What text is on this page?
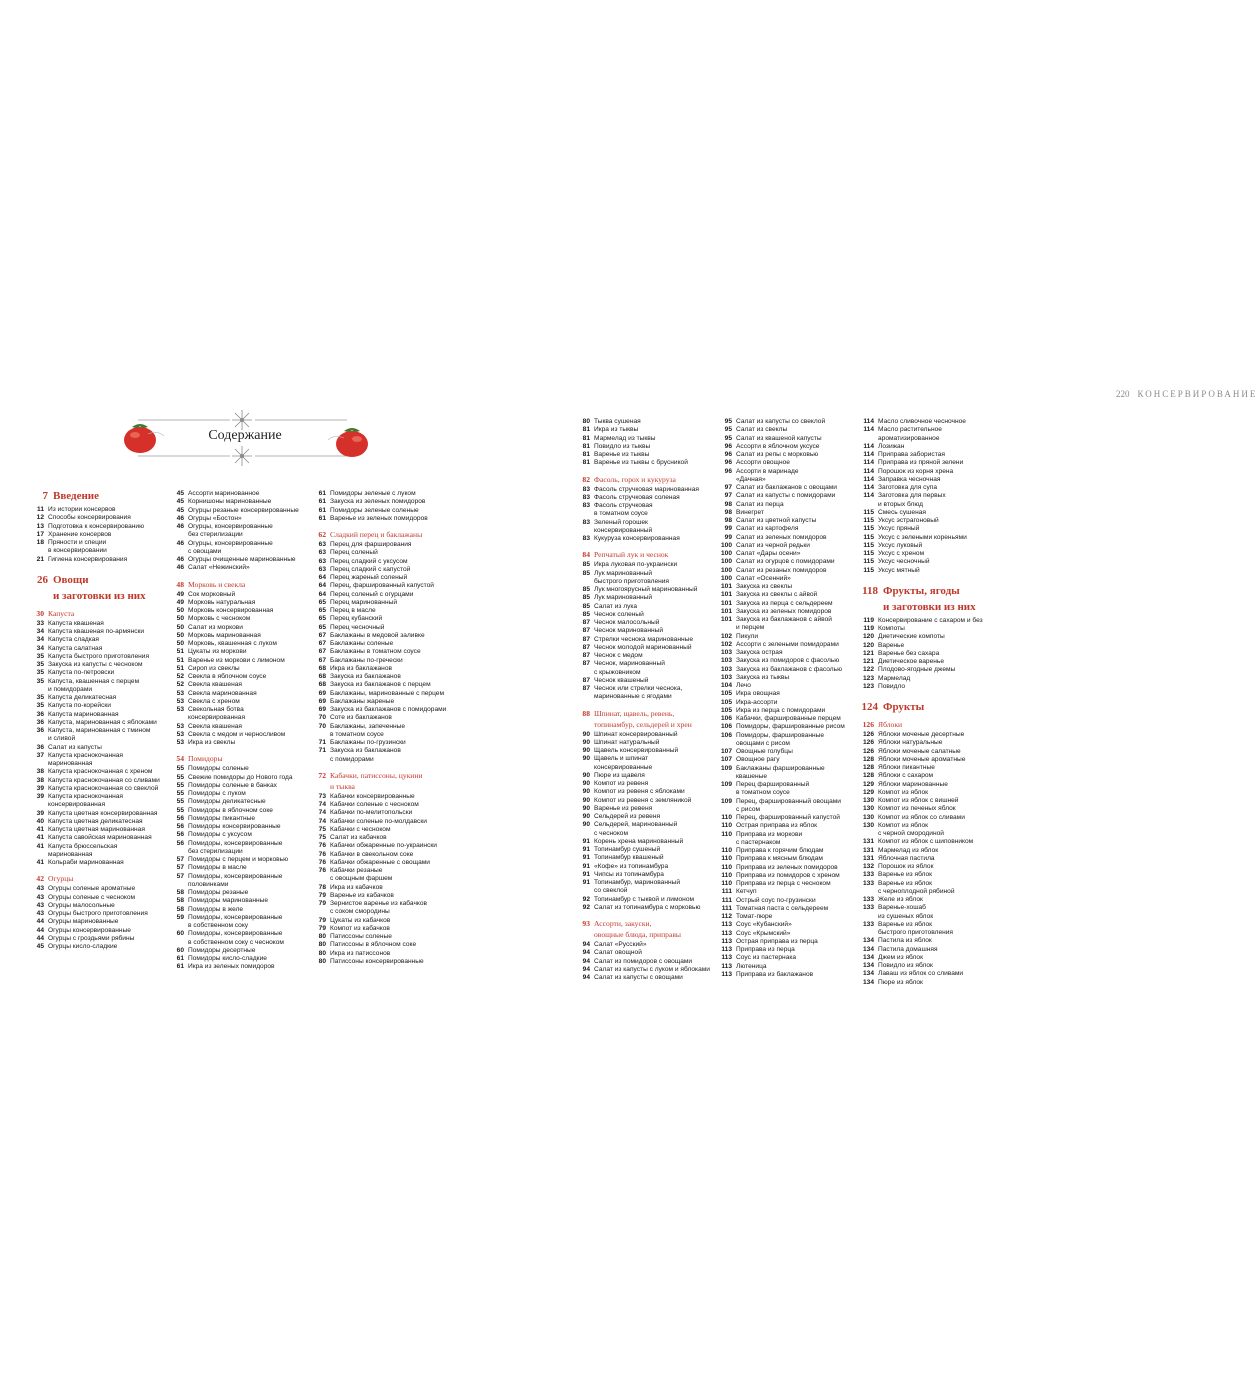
Содержание
7 Введение
11 Из истории консервов
12 Способы консервирования
13 Подготовка к консервированию
17 Хранение консервов
18 Пряности и специи
в консервировании
21 Гигиена консервирования
26 Овощи
и заготовки из них
30 Капуста
33 Капуста квашеная
34 Капуста квашеная по-армянски
34 Капуста сладкая
34 Капуста салатная
35 Капуста быстрого приготовления
35 Закуска из капусты с чесноком
35 Капуста по-петровски
35 Капуста, квашенная с перцем
и помидорами
35 Капуста деликатесная
35 Капуста по-корейски
36 Капуста маринованная
36 Капуста, маринованная с яблоками
36 Капуста, маринованная с тмином
и сливой
36 Салат из капусты
37 Капуста краснокочанная
маринованная
38 Капуста краснокочанная с хреном
38 Капуста краснокочанная со сливами
39 Капуста краснокочанная со свеклой
39 Капуста краснокочанная
консервированная
39 Капуста цветная консервированная
40 Капуста цветная деликатесная
41 Капуста цветная маринованная
41 Капуста савойская маринованная
41 Капуста брюссельская
маринованная
41 Кольраби маринованная
42 Огурцы
43 Огурцы соленые ароматные
43 Огурцы соленые с чесноком
43 Огурцы малосольные
43 Огурцы быстрого приготовления
44 Огурцы маринованные
44 Огурцы консервированные
44 Огурцы с гроздьями рябины
45 Огурцы кисло-сладкие
45 Ассорти маринованное
45 Корнишоны маринованные
45 Огурцы резаные консервированные
46 Огурцы «Бостон»
46 Огурцы, консервированные
без стерилизации
46 Огурцы, консервированные
с овощами
46 Огурцы очищенные маринованные
46 Салат «Нежинский»
48 Морковь и свекла
49 Сок морковный
49 Морковь натуральная
50 Морковь консервированная
50 Морковь с чесноком
50 Салат из моркови
50 Морковь маринованная
50 Морковь, квашенная с луком
51 Цукаты из моркови
51 Варенье из моркови с лимоном
51 Сироп из свеклы
52 Свекла в яблочном соусе
52 Свекла квашеная
53 Свекла маринованная
53 Свекла с хреном
53 Свекольная ботва
консервированная
53 Свекла квашеная
53 Свекла с медом и черносливом
53 Икра из свеклы
54 Помидоры
55 Помидоры соленые
55 Свежие помидоры до Нового года
55 Помидоры соленые в банках
55 Помидоры с луком
55 Помидоры деликатесные
55 Помидоры в яблочном соке
56 Помидоры пикантные
56 Помидоры консервированные
56 Помидоры с уксусом
56 Помидоры, консервированные
без стерилизации
57 Помидоры с перцем и морковью
57 Помидоры в масле
57 Помидоры, консервированные
половинками
58 Помидоры резаные
58 Помидоры маринованные
58 Помидоры в желе
59 Помидоры, консервированные
в собственном соку
60 Помидоры, консервированные
в собственном соку с чесноком
60 Помидоры десертные
61 Помидоры кисло-сладкие
61 Икра из зеленых помидоров
61 Помидоры зеленые с луком
61 Закуска из зеленых помидоров
61 Помидоры зеленые соленые
61 Варенье из зеленых помидоров
62 Сладкий перец и баклажаны
63 Перец для фарширования
63 Перец соленый
63 Перец сладкий с уксусом
63 Перец сладкий с капустой
64 Перец жареный соленый
64 Перец, фаршированный капустой
64 Перец соленый с огурцами
65 Перец маринованный
65 Перец в масле
65 Перец кубанский
65 Перец чесночный
67 Баклажаны в медовой заливке
67 Баклажаны соленые
67 Баклажаны в томатном соусе
67 Баклажаны по-гречески
68 Икра из баклажанов
68 Закуска из баклажанов
68 Закуска из баклажанов с перцем
69 Баклажаны, маринованные с перцем
69 Баклажаны жареные
69 Закуска из баклажанов с помидорами
70 Соте из баклажанов
70 Баклажаны, запеченные
в томатном соусе
71 Баклажаны по-грузински
71 Закуска из баклажанов
с помидорами
72 Кабачки, патиссоны, цукини
и тыква
73 Кабачки консервированные
74 Кабачки соленые с чесноком
74 Кабачки по-мелитопольски
74 Кабачки соленые по-молдавски
75 Кабачки с чесноком
75 Салат из кабачков
76 Кабачки обжаренные по-украински
76 Кабачки в свекольном соке
76 Кабачки обжаренные с овощами
76 Кабачки резаные
с овощным фаршем
78 Икра из кабачков
79 Варенье из кабачков
79 Зернистое варенье из кабачков
с соком смородины
79 Цукаты из кабачков
79 Компот из кабачков
80 Патиссоны соленые
80 Патиссоны в яблочном соке
80 Икра из патиссонов
80 Патиссоны консервированные
220 КОНСЕРВИРОВАНИЕ
80 Тыква сушеная
81 Икра из тыквы
81 Мармелад из тыквы
81 Повидло из тыквы
81 Варенье из тыквы
81 Варенье из тыквы с брусникой
82 Фасоль, горох и кукуруза
83 Фасоль стручковая маринованная
83 Фасоль стручковая соленая
83 Фасоль стручковая
в томатном соусе
83 Зеленый горошек
консервированный
83 Кукуруза консервированная
84 Репчатый лук и чеснок
85 Икра луковая по-украински
85 Лук маринованный
быстрого приготовления
85 Лук многоярусный маринованный
85 Лук маринованный
85 Салат из лука
85 Чеснок соленый
87 Чеснок малосольный
87 Чеснок маринованный
87 Стрелки чеснока маринованные
87 Чеснок молодой маринованный
87 Чеснок с медом
87 Чеснок, маринованный
с крыжовником
87 Чеснок квашеный
87 Чеснок или стрелки чеснока,
маринованные с ягодами
88 Шпинат, щавель, ревень,
топинамбур, сельдерей и хрен
90 Шпинат консервированный
90 Шпинат натуральный
90 Щавель консервированный
90 Щавель и шпинат
консервированные
90 Пюре из щавеля
90 Компот из ревеня
90 Компот из ревеня с яблоками
90 Компот из ревеня с земляникой
90 Варенье из ревеня
90 Сельдерей из ревеня
90 Сельдерей, маринованный
с чесноком
91 Корень хрена маринованный
91 Топинамбур сушеный
91 Топинамбур квашеный
91 «Кофе» из топинамбура
91 Чипсы из топинамбура
91 Топинамбур, маринованный
со свеклой
92 Топинамбур с тыквой и лимоном
92 Салат из топинамбура с морковью
93 Ассорти, закуски,
овощные блюда, приправы
94 Салат «Русский»
94 Салат овощной
94 Салат из помидоров с овощами
94 Салат из капусты с луком и яблоками
94 Салат из капусты с овощами
95 Салат из капусты со свеклой
95 Салат из свеклы
95 Салат из квашеной капусты
96 Ассорти в яблочном уксусе
96 Салат из репы с морковью
96 Ассорти овощное
96 Ассорти в маринаде
«Дачная»
97 Салат из баклажанов с овощами
97 Салат из капусты с помидорами
98 Салат из перца
98 Винегрет
98 Салат из цветной капусты
99 Салат из картофеля
99 Салат из зеленых помидоров
100 Салат из черной редьки
100 Салат «Дары осени»
100 Салат из огурцов с помидорами
100 Салат из резаных помидоров
100 Салат «Осенний»
101 Закуска из свеклы
101 Закуска из свеклы с айвой
101 Закуска из перца с сельдереем
101 Закуска из зеленых помидоров
101 Закуска из баклажанов с айвой
и перцем
102 Пикули
102 Ассорти с зелеными помидорами
103 Закуска острая
103 Закуска из помидоров с фасолью
103 Закуска из баклажанов с фасолью
103 Закуска из тыквы
104 Лечо
105 Икра овощная
105 Икра-ассорти
105 Икра из перца с помидорами
106 Кабачки, фаршированные перцем
106 Помидоры, фаршированные рисом
106 Помидоры, фаршированные
овощами с рисом
107 Овощные голубцы
107 Овощное рагу
109 Баклажаны фаршированные
квашеные
109 Перец фаршированный
в томатном соусе
109 Перец, фаршированный овощами
с рисом
110 Перец, фаршированный капустой
110 Острая приправа из яблок
110 Приправа из моркови
с пастернаком
110 Приправа к горячим блюдам
110 Приправа к мясным блюдам
110 Приправа из зеленых помидоров
110 Приправа из помидоров с хреном
110 Приправа из перца с чесноком
111 Кетчуп
111 Острый соус по-грузински
111 Томатная паста с сельдереем
112 Томат-пюре
113 Соус «Кубанский»
113 Соус «Крымский»
113 Острая приправа из перца
113 Приправа из перца
113 Соус из пастернака
113 Лютеница
113 Приправа из баклажанов
114 Масло сливочное чесночное
114 Масло растительное
ароматизированное
114 Лозижан
114 Приправа забористая
114 Приправа из пряной зелени
114 Порошок из корня хрена
114 Заправка чесночная
114 Заготовка для супа
114 Заготовка для первых
и вторых блюд
115 Смесь сушеная
115 Уксус эстрагоновый
115 Уксус пряный
115 Уксус с зелеными кореньями
115 Уксус луковый
115 Уксус с хреном
115 Уксус чесночный
115 Уксус мятный
118 Фрукты, ягоды
и заготовки из них
119 Консервирование с сахаром и без
119 Компоты
120 Диетические компоты
120 Варенье
121 Варенье без сахара
121 Диетическое варенье
122 Плодово-ягодные джемы
123 Мармелад
123 Повидло
124 Фрукты
126 Яблоки
126 Яблоки моченые десертные
126 Яблоки натуральные
126 Яблоки моченые салатные
128 Яблоки моченые ароматные
128 Яблоки пикантные
128 Яблоки с сахаром
129 Яблоки маринованные
129 Компот из яблок
130 Компот из яблок с вишней
130 Компот из печеных яблок
130 Компот из яблок со сливами
130 Компот из яблок
с черной смородиной
131 Компот из яблок с шиповником
131 Мармелад из яблок
131 Яблочная пастила
132 Порошок из яблок
133 Варенье из яблок
133 Варенье из яблок
с черноплодной рябиной
133 Желе из яблок
133 Варенье-хошаб
из сушеных яблок
133 Варенье из яблок
быстрого приготовления
134 Пастила из яблок
134 Пастила домашняя
134 Джем из яблок
134 Повидло из яблок
134 Лаваш из яблок со сливами
134 Пюре из яблок
